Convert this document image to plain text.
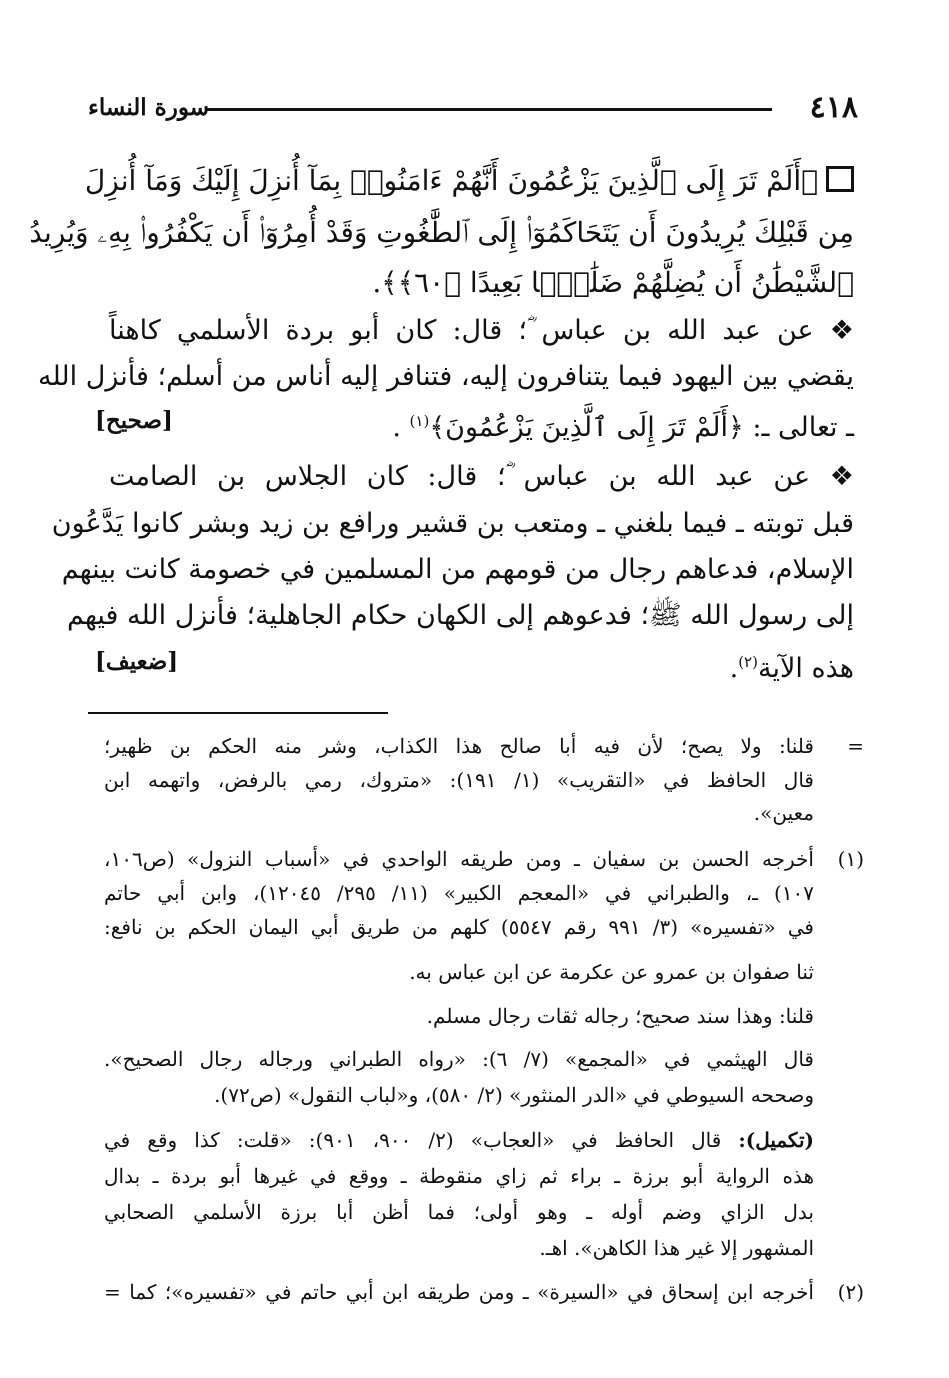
٤١٨
سورة النساء
﴿أَلَمْ تَرَ إِلَى ٱلَّذِينَ يَزْعُمُونَ أَنَّهُمْ ءَامَنُوا۟ بِمَآ أُنزِلَ إِلَيْكَ وَمَآ أُنزِلَ
مِن قَبْلِكَ يُرِيدُونَ أَن يَتَحَاكَمُوٓا۟ إِلَى ٱلطَّٰغُوتِ وَقَدْ أُمِرُوٓا۟ أَن يَكْفُرُوا۟ بِهِۦ وَيُرِيدُ
ٱلشَّيْطَٰنُ أَن يُضِلَّهُمْ ضَلَٰلًۢا بَعِيدًا ﴿٦٠﴾﴾.
❖ عن عبد الله بن عباس ؓ؛ قال: كان أبو بردة الأسلمي كاهناً
يقضي بين اليهود فيما يتنافرون إليه، فتنافر إليه أناس من أسلم؛ فأنزل الله
ـ تعالى ـ: ﴿أَلَمْ تَرَ إِلَى ٱلَّذِينَ يَزْعُمُونَ﴾$^{(١)}$ .
[صحيح]
❖ عن عبد الله بن عباس ؓ؛ قال: كان الجلاس بن الصامت
قبل توبته ـ فيما بلغني ـ ومتعب بن قشير ورافع بن زيد وبشر كانوا يَدَّعُون
الإسلام، فدعاهم رجال من قومهم من المسلمين في خصومة كانت بينهم
إلى رسول الله ﷺ؛ فدعوهم إلى الكهان حكام الجاهلية؛ فأنزل الله فيهم
هذه الآية$^{(٢)}$.
[ضعيف]
=
قلنا: ولا يصح؛ لأن فيه أبا صالح هذا الكذاب، وشر منه الحكم بن ظهير؛
قال الحافظ في «التقريب» (١/ ١٩١): «متروك، رمي بالرفض، واتهمه ابن
معين».
(١)
أخرجه الحسن بن سفيان ـ ومن طريقه الواحدي في «أسباب النزول» (ص١٠٦،
١٠٧) ـ، والطبراني في «المعجم الكبير» (١١/ ٢٩٥/ ١٢٠٤٥)، وابن أبي حاتم
في «تفسيره» (٣/ ٩٩١ رقم ٥٥٤٧) كلهم من طريق أبي اليمان الحكم بن نافع:
ثنا صفوان بن عمرو عن عكرمة عن ابن عباس به.
قلنا: وهذا سند صحيح؛ رجاله ثقات رجال مسلم.
قال الهيثمي في «المجمع» (٧/ ٦): «رواه الطبراني ورجاله رجال الصحيح».
وصححه السيوطي في «الدر المنثور» (٢/ ٥٨٠)، و«لباب النقول» (ص٧٢).
(تكميل): قال الحافظ في «العجاب» (٢/ ٩٠٠، ٩٠١): «قلت: كذا وقع في
هذه الرواية أبو برزة ـ براء ثم زاي منقوطة ـ ووقع في غيرها أبو بردة ـ بدال
بدل الزاي وضم أوله ـ وهو أولى؛ فما أظن أبا برزة الأسلمي الصحابي
المشهور إلا غير هذا الكاهن». اهـ.
(٢)
أخرجه ابن إسحاق في «السيرة» ـ ومن طريقه ابن أبي حاتم في «تفسيره»؛ كما =
